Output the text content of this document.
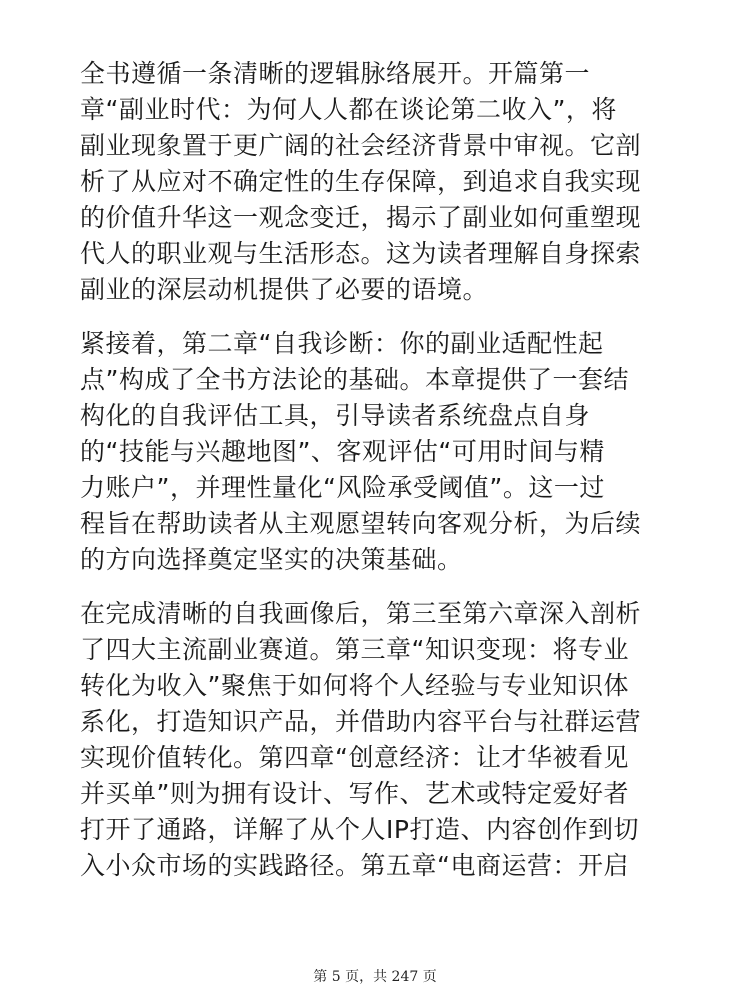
全书遵循一条清晰的逻辑脉络展开。开篇第一
章“副业时代：为何人人都在谈论第二收入”，将
副业现象置于更广阔的社会经济背景中审视。它剖
析了从应对不确定性的生存保障，到追求自我实现
的价值升华这一观念变迁，揭示了副业如何重塑现
代人的职业观与生活形态。这为读者理解自身探索
副业的深层动机提供了必要的语境。
紧接着，第二章“自我诊断：你的副业适配性起
点”构成了全书方法论的基础。本章提供了一套结
构化的自我评估工具，引导读者系统盘点自身
的“技能与兴趣地图”、客观评估“可用时间与精
力账户”，并理性量化“风险承受阈值”。这一过
程旨在帮助读者从主观愿望转向客观分析，为后续
的方向选择奠定坚实的决策基础。
在完成清晰的自我画像后，第三至第六章深入剖析
了四大主流副业赛道。第三章“知识变现：将专业
转化为收入”聚焦于如何将个人经验与专业知识体
系化，打造知识产品，并借助内容平台与社群运营
实现价值转化。第四章“创意经济：让才华被看见
并买单”则为拥有设计、写作、艺术或特定爱好者
打开了通路，详解了从个人IP打造、内容创作到切
入小众市场的实践路径。第五章“电商运营：开启
第 5 页，共 247 页
